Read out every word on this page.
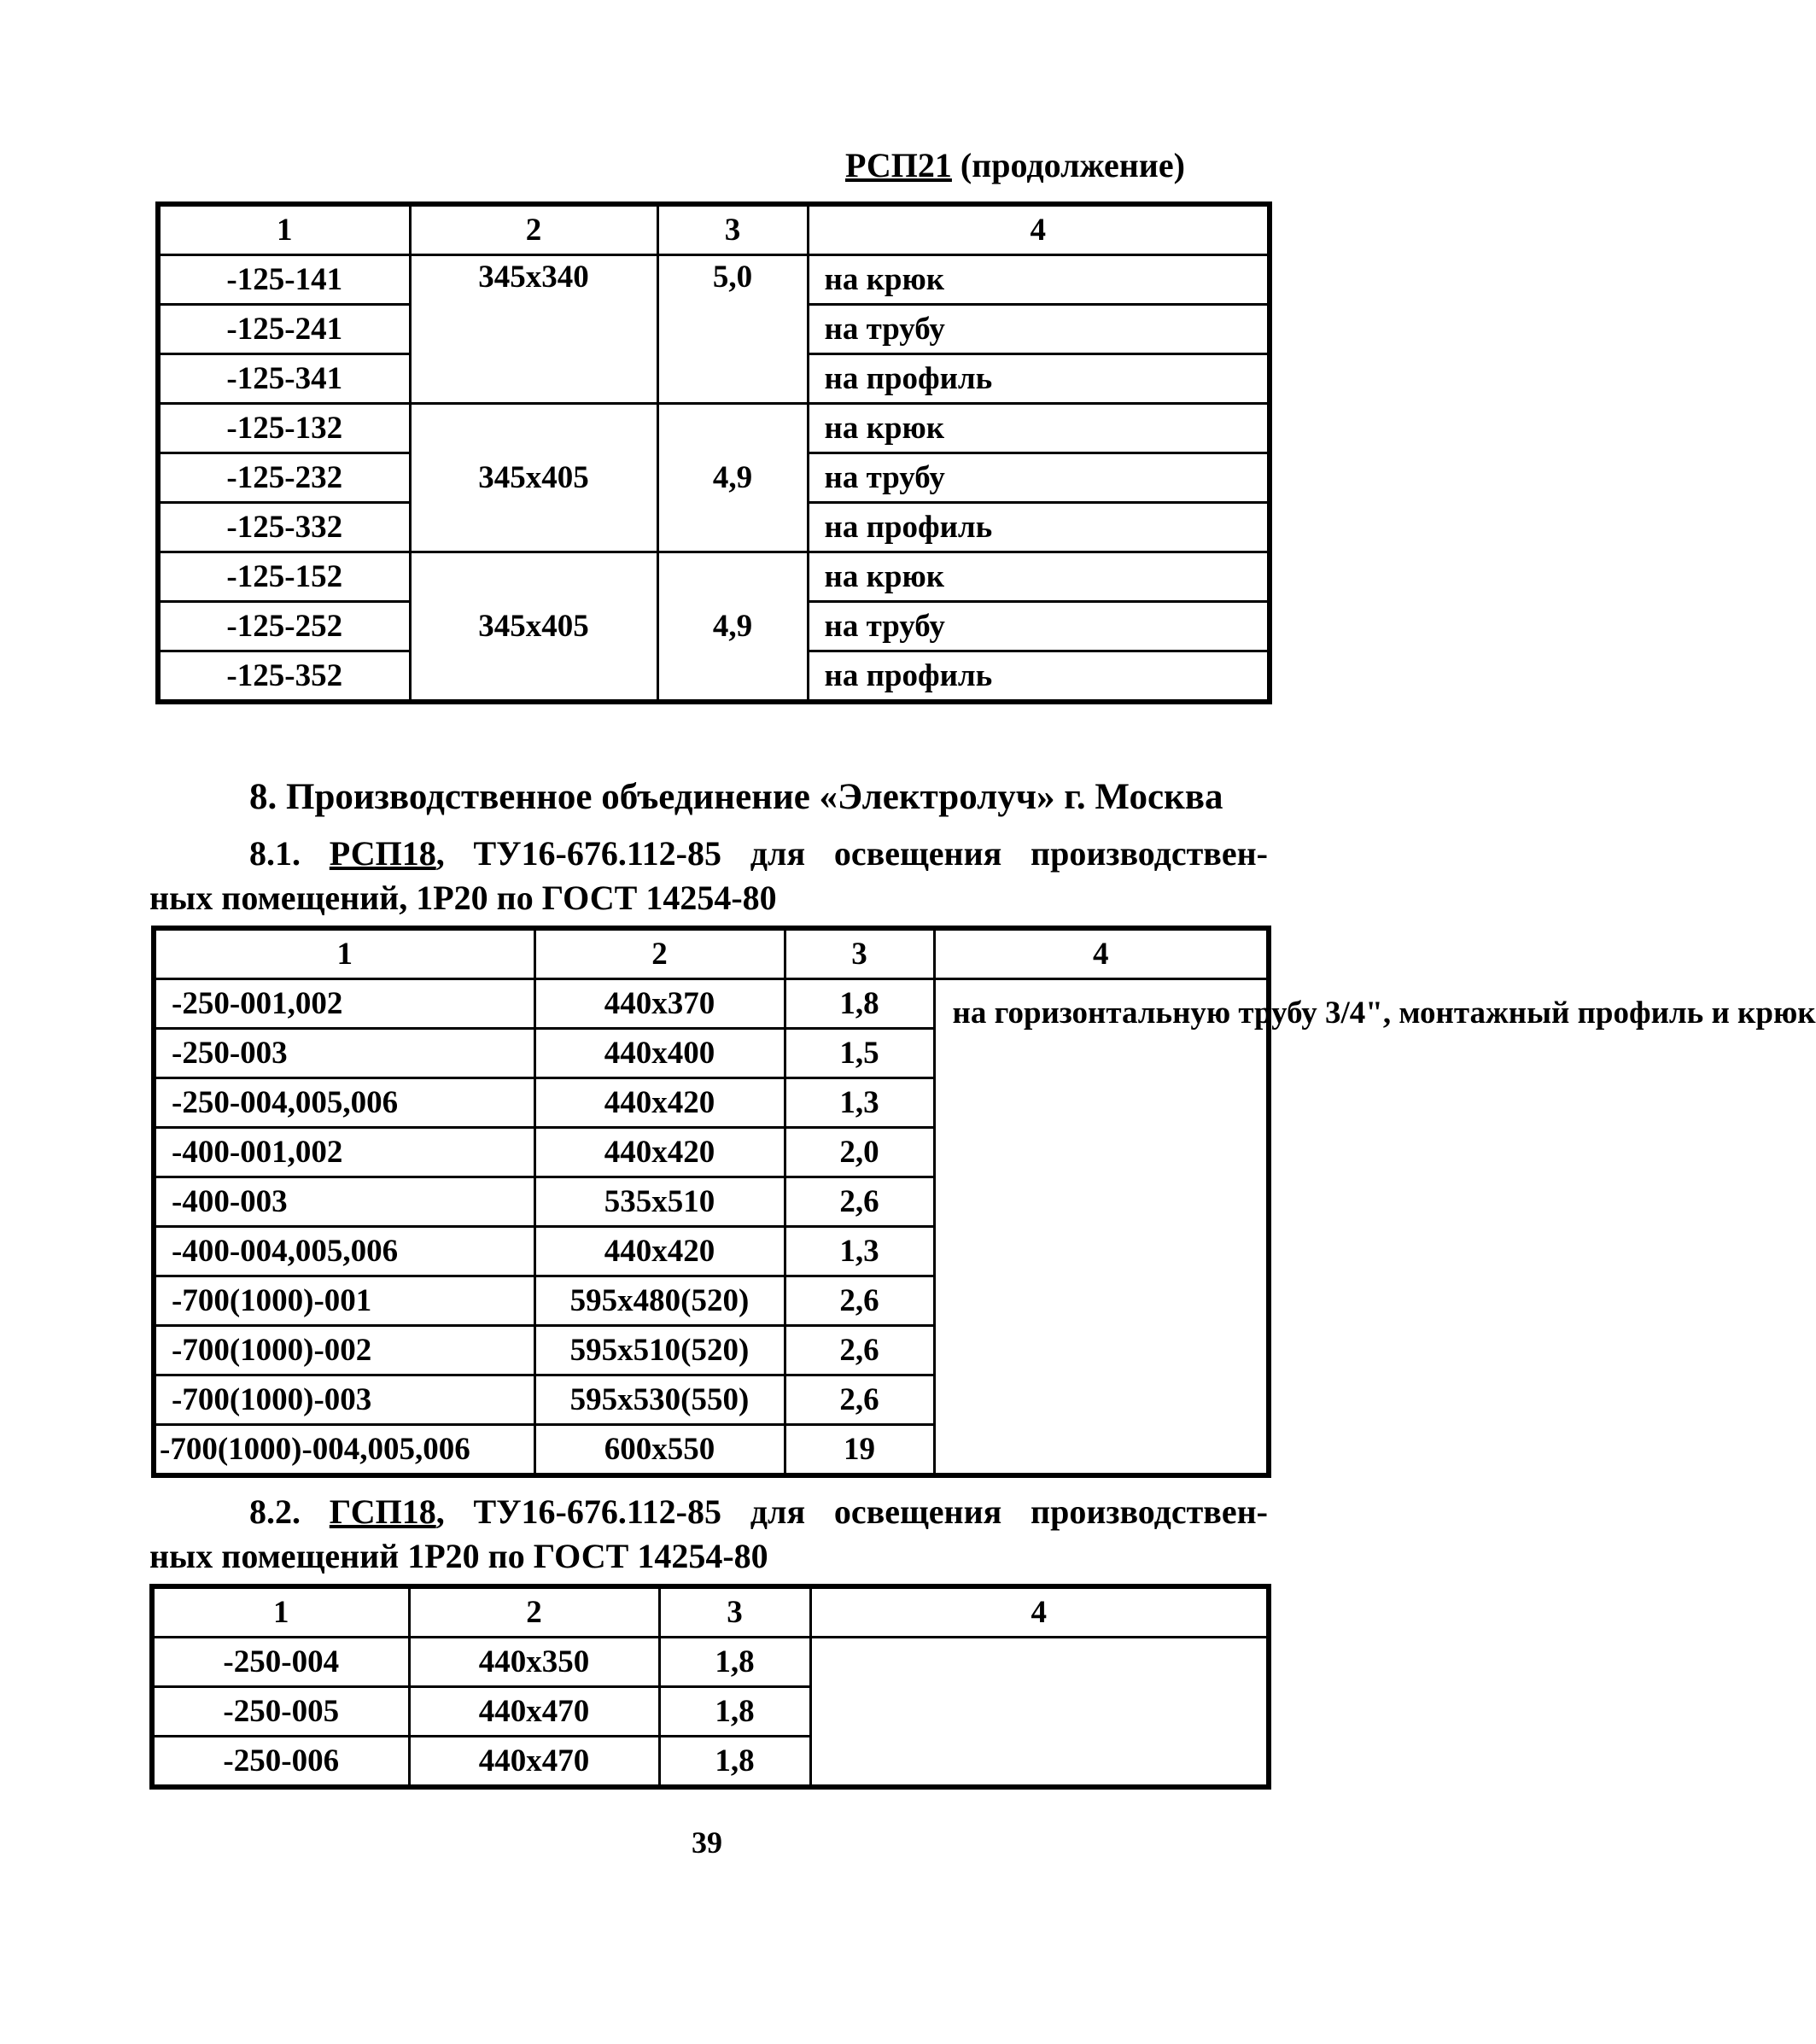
РСП21 (продолжение)
1	2	3	4
-125-141	345x340	5,0	на крюк
-125-241			на трубу
-125-341			на профиль
-125-132	345x405	4,9	на крюк
-125-232			на трубу
-125-332			на профиль
-125-152	345x405	4,9	на крюк
-125-252			на трубу
-125-352			на профиль
8. Производственное объединение «Электролуч» г. Москва
8.1. РСП18, ТУ16-676.112-85 для освещения производствен-
ных помещений, 1Р20 по ГОСТ 14254-80
1	2	3	4
-250-001,002	440x370	1,8	на горизонтальную трубу 3/4", монтажный профиль и крюк
-250-003	440x400	1,5	
-250-004,005,006	440x420	1,3	
-400-001,002	440x420	2,0	
-400-003	535x510	2,6	
-400-004,005,006	440x420	1,3	
-700(1000)-001	595x480(520)	2,6	
-700(1000)-002	595x510(520)	2,6	
-700(1000)-003	595x530(550)	2,6	
-700(1000)-004,005,006	600x550	19	
8.2. ГСП18, ТУ16-676.112-85 для освещения производствен-
ных помещений 1Р20 по ГОСТ 14254-80
1	2	3	4
-250-004	440x350	1,8	
-250-005	440x470	1,8	
-250-006	440x470	1,8	
39
